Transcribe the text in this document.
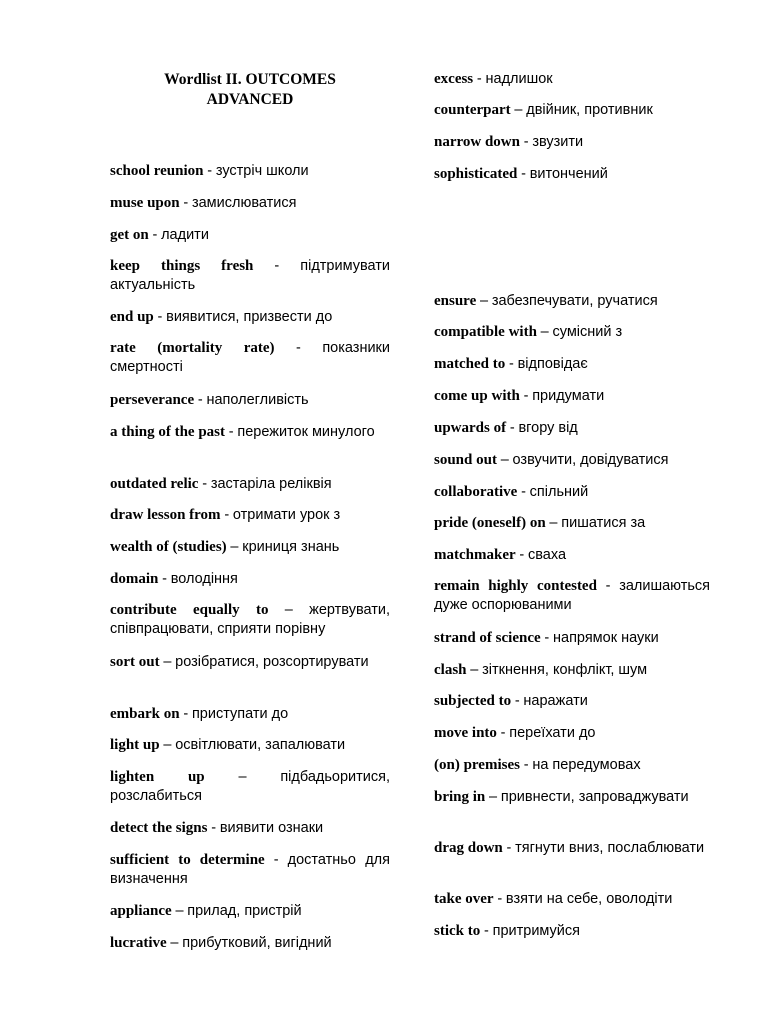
Wordlist II. OUTCOMES
ADVANCED
school reunion - зустріч школи
muse upon - замислюватися
get on - ладити
keep things fresh - підтримувати актуальність
end up - виявитися, призвести до
rate (mortality rate) - показники смертності
perseverance - наполегливість
a thing of the past - пережиток минулого
outdated relic - застаріла реліквія
draw lesson from - отримати урок з
wealth of (studies) – криниця знань
domain - володіння
contribute equally to – жертвувати, співпрацювати, сприяти порівну
sort out – розібратися, розсортирувати
embark on - приступати до
light up – освітлювати, запалювати
lighten up – підбадьоритися, розслабиться
detect the signs - виявити ознаки
sufficient to determine - достатньо для визначення
appliance – прилад, пристрій
lucrative – прибутковий, вигідний
excess - надлишок
counterpart – двійник, противник
narrow down - звузити
sophisticated - витончений
ensure – забезпечувати, ручатися
compatible with – сумісний з
matched to - відповідає
come up with - придумати
upwards of - вгору від
sound out – озвучити, довідуватися
collaborative - спільний
pride (oneself) on – пишатися за
matchmaker - сваха
remain highly contested - залишаються дуже оспорюваними
strand of science - напрямок науки
clash – зіткнення, конфлікт, шум
subjected to - наражати
move into - переїхати до
(on) premises - на передумовах
bring in – привнести, запроваджувати
drag down - тягнути вниз, послаблювати
take over - взяти на себе, оволодіти
stick to - притримуйся
